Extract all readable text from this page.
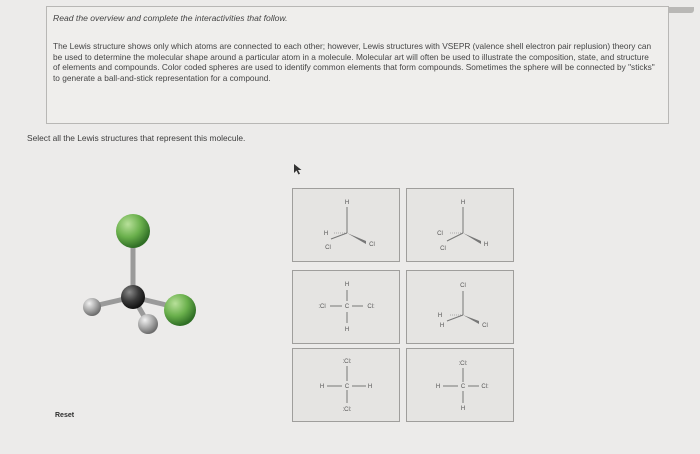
Read the overview and complete the interactivities that follow.
The Lewis structure shows only which atoms are connected to each other; however, Lewis structures with VSEPR (valence shell electron pair replusion) theory can be used to determine the molecular shape around a particular atom in a molecule. Molecular art will often be used to illustrate the composition, state, and structure of elements and compounds. Color coded spheres are used to identify common elements that form compounds. Sometimes the sphere will be connected by "sticks" to generate a ball-and-stick representation for a compound.
Select all the Lewis structures that represent this molecule.
H
H
Cl	Cl
H
Cl
Cl
H
H
:Cl	C	Cl:
H
Cl
H
H	Cl
:Cl:
H	C	H
:Cl:
:Cl:
H	C	Cl:
H
Reset
